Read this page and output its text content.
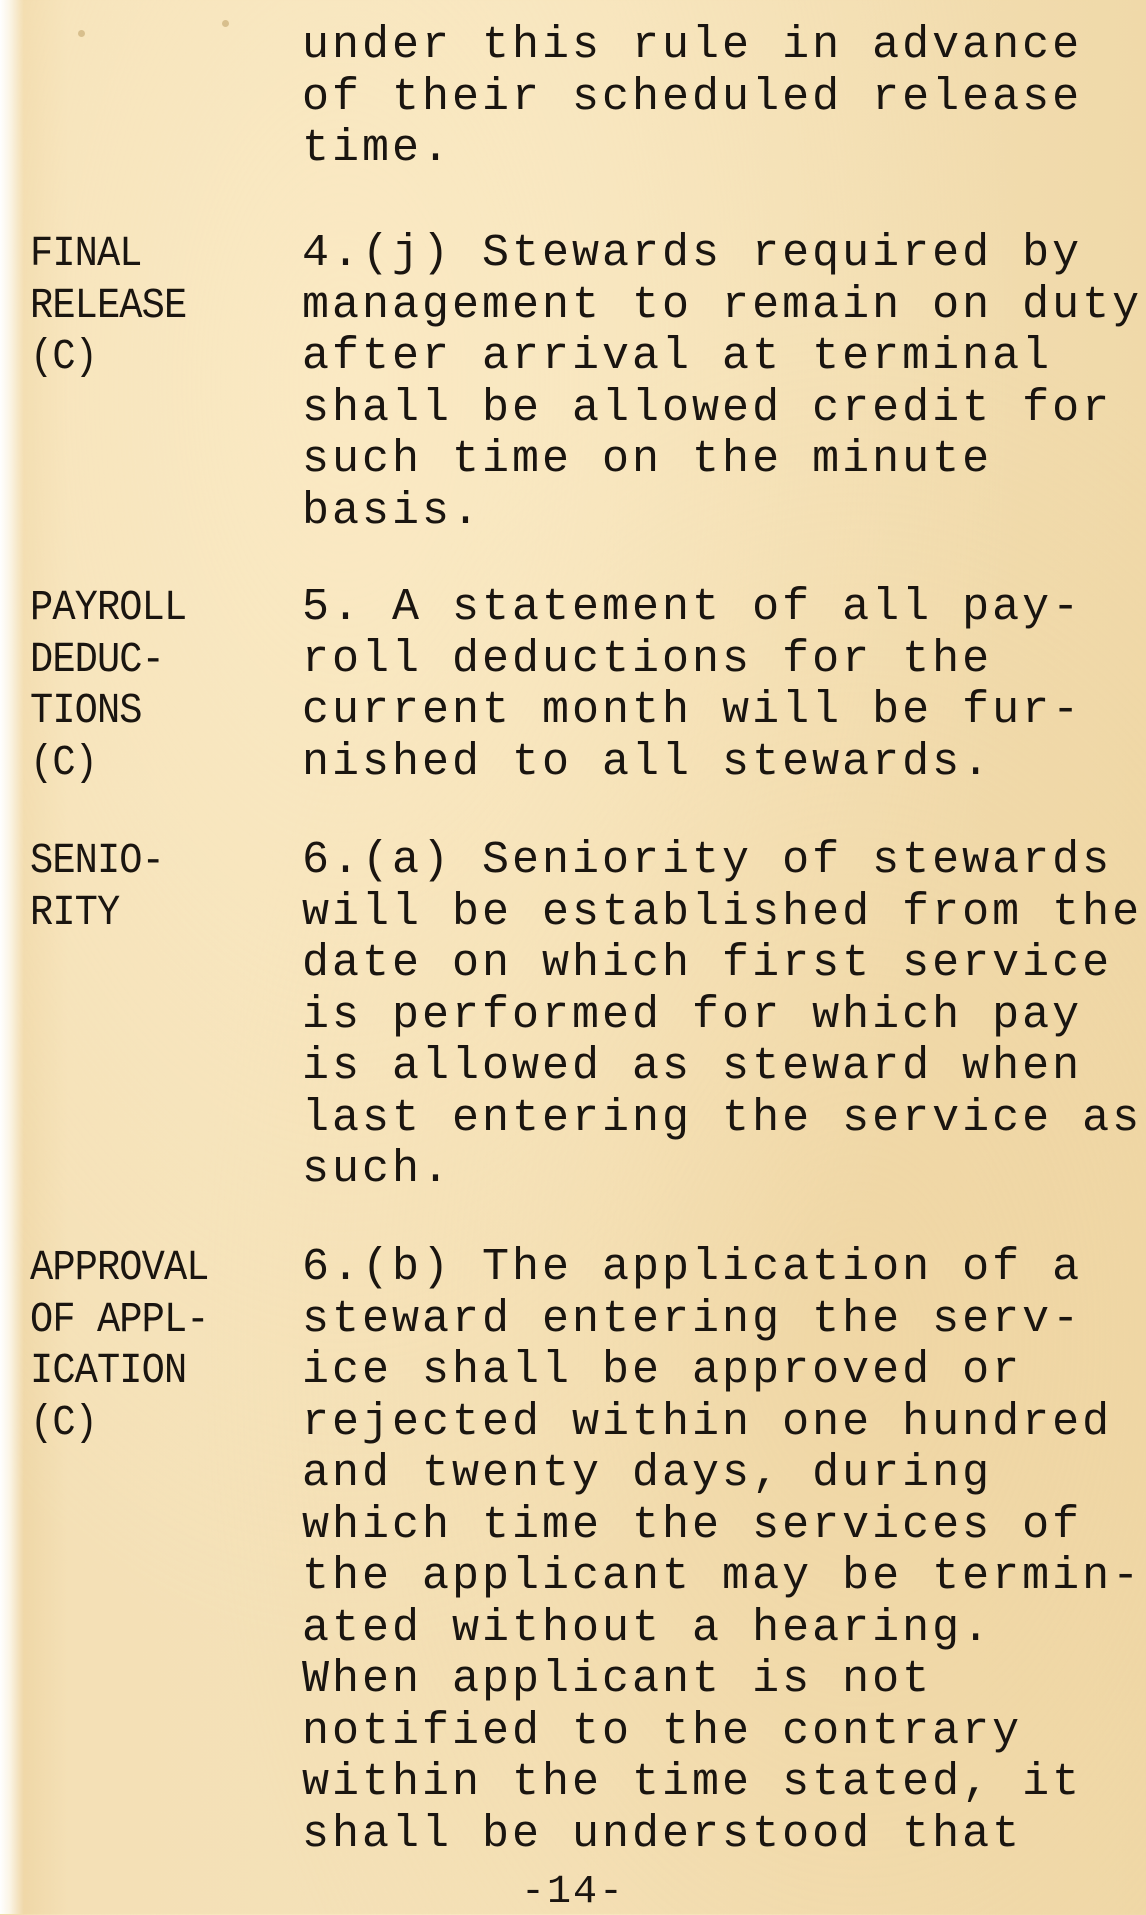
under this rule in advance
of their scheduled release
time.
FINAL
RELEASE
(C)
4.(j) Stewards required by
management to remain on duty
after arrival at terminal
shall be allowed credit for
such time on the minute
basis.
PAYROLL
DEDUC-
TIONS
(C)
5. A statement of all pay-
roll deductions for the
current month will be fur-
nished to all stewards.
SENIO-
RITY
6.(a) Seniority of stewards
will be established from the
date on which first service
is performed for which pay
is allowed as steward when
last entering the service as
such.
APPROVAL
OF APPL-
ICATION
(C)
6.(b) The application of a
steward entering the serv-
ice shall be approved or
rejected within one hundred
and twenty days, during
which time the services of
the applicant may be termin-
ated without a hearing.
When applicant is not
notified to the contrary
within the time stated, it
shall be understood that
-14-
